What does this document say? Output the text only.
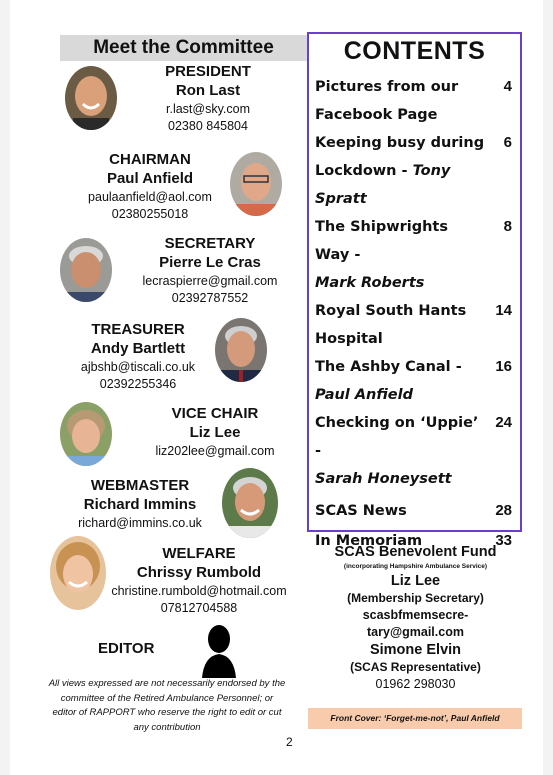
Meet the Committee
PRESIDENT
Ron Last
r.last@sky.com
02380 845804
CHAIRMAN
Paul Anfield
paulaanfield@aol.com
02380255018
SECRETARY
Pierre Le Cras
lecraspierre@gmail.com
02392787552
TREASURER
Andy Bartlett
ajbshb@tiscali.co.uk
02392255346
VICE CHAIR
Liz Lee
liz202lee@gmail.com
WEBMASTER
Richard Immins
richard@immins.co.uk
WELFARE
Chrissy Rumbold
christine.rumbold@hotmail.com
07812704588
EDITOR
All views expressed are not necessarily endorsed by the committee of the Retired Ambulance Personnel; or editor of RAPPORT who reserve the right to edit or cut any contribution
CONTENTS
Pictures from our Facebook Page
4
Keeping busy during Lockdown - Tony Spratt
6
The Shipwrights Way -
Mark Roberts
8
Royal South Hants Hospital
14
The Ashby Canal -
Paul Anfield
16
Checking on ‘Uppie’ -
Sarah Honeysett
24
SCAS News	28
In Memoriam	33
SCAS Benevolent Fund
(incorporating Hampshire Ambulance Service)
Liz Lee
(Membership Secretary)
scasbfmemsecre-
tary@gmail.com
Simone Elvin
(SCAS Representative)
01962 298030
Front Cover: ‘Forget-me-not’, Paul Anfield
2
